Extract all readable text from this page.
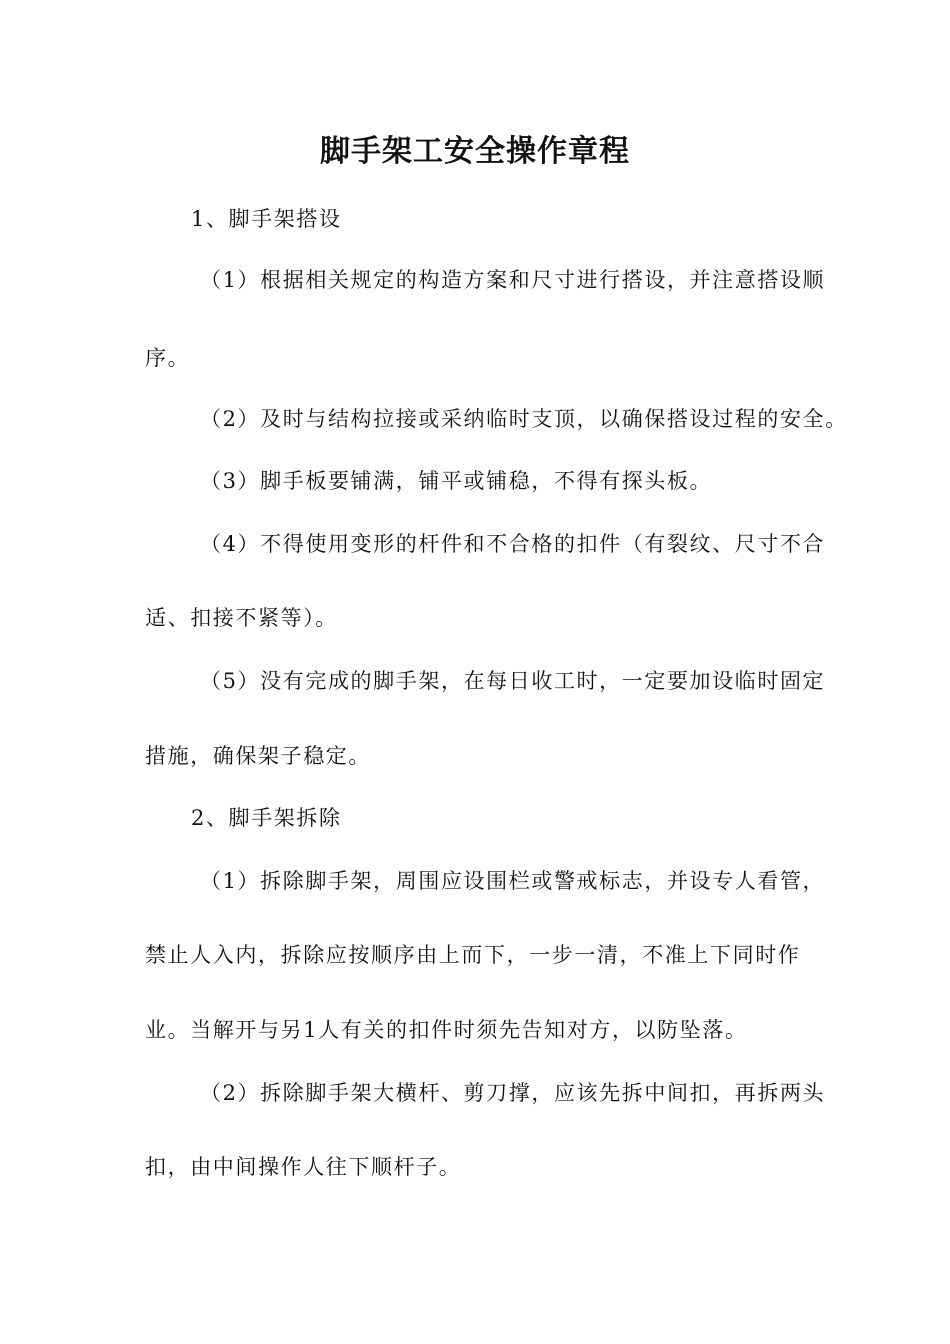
脚手架工安全操作章程
1、脚手架搭设
（1）根据相关规定的构造方案和尺寸进行搭设，并注意搭设顺
序。
（2）及时与结构拉接或采纳临时支顶，以确保搭设过程的安全。
（3）脚手板要铺满，铺平或铺稳，不得有探头板。
（4）不得使用变形的杆件和不合格的扣件（有裂纹、尺寸不合
适、扣接不紧等）。
（5）没有完成的脚手架，在每日收工时，一定要加设临时固定
措施，确保架子稳定。
2、脚手架拆除
（1）拆除脚手架，周围应设围栏或警戒标志，并设专人看管，
禁止人入内，拆除应按顺序由上而下，一步一清，不准上下同时作
业。当解开与另1人有关的扣件时须先告知对方，以防坠落。
（2）拆除脚手架大横杆、剪刀撑，应该先拆中间扣，再拆两头
扣，由中间操作人往下顺杆子。
